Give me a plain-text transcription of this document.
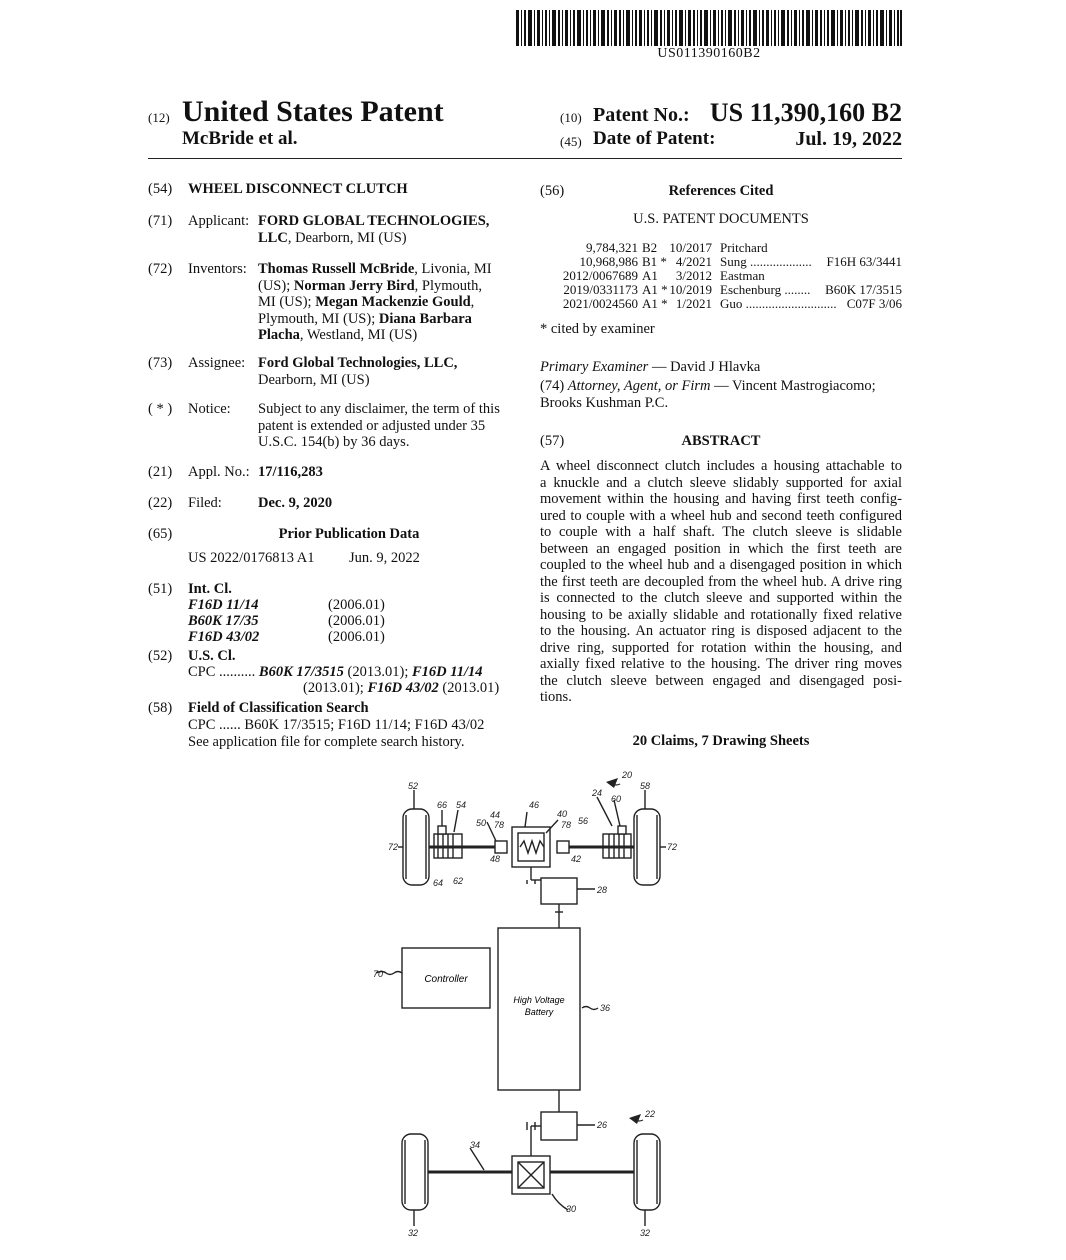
US011390160B2
(12) United States Patent
McBride et al.
(10) Patent No.: US 11,390,160 B2
(45) Date of Patent:	Jul. 19, 2022
(54) WHEEL DISCONNECT CLUTCH
(71) Applicant: FORD GLOBAL TECHNOLOGIES,
LLC, Dearborn, MI (US)
(72) Inventors: Thomas Russell McBride, Livonia, MI
(US); Norman Jerry Bird, Plymouth,
MI (US); Megan Mackenzie Gould,
Plymouth, MI (US); Diana Barbara
Placha, Westland, MI (US)
(73) Assignee: Ford Global Technologies, LLC,
Dearborn, MI (US)
( * ) Notice: Subject to any disclaimer, the term of this
patent is extended or adjusted under 35
U.S.C. 154(b) by 36 days.
(21) Appl. No.: 17/116,283
(22) Filed: Dec. 9, 2020
(65)	Prior Publication Data
US 2022/0176813 A1 Jun. 9, 2022
(51) Int. Cl.
F16D 11/14	(2006.01)
B60K 17/35	(2006.01)
F16D 43/02	(2006.01)
(52) U.S. Cl.
CPC .......... B60K 17/3515 (2013.01); F16D 11/14
(2013.01); F16D 43/02 (2013.01)
(58) Field of Classification Search
CPC ...... B60K 17/3515; F16D 11/14; F16D 43/02
See application file for complete search history.
(56)	References Cited
U.S. PATENT DOCUMENTS
9,784,321 B2 10/2017 Pritchard
10,968,986 B1 * 4/2021 Sung ................... F16H 63/3441
2012/0067689 A1 3/2012 Eastman
2019/0331173 A1 * 10/2019 Eschenburg ........ B60K 17/3515
2021/0024560 A1 * 1/2021 Guo ............................ C07F 3/06
* cited by examiner
Primary Examiner — David J Hlavka
(74) Attorney, Agent, or Firm — Vincent Mastrogiacomo;
Brooks Kushman P.C.
(57)	ABSTRACT
A wheel disconnect clutch includes a housing attachable to
a knuckle and a clutch sleeve slidably supported for axial
movement within the housing and having first teeth config-
ured to couple with a wheel hub and second teeth configured
to couple with a half shaft. The clutch sleeve is slidable
between an engaged position in which the first teeth are
coupled to the wheel hub and a disengaged position in which
the first teeth are decoupled from the wheel hub. A drive ring
is connected to the clutch sleeve and supported within the
housing to be axially slidable and rotationally fixed relative
to the housing. An actuator ring is disposed adjacent to the
drive ring, supported for rotation within the housing, and
axially fixed relative to the housing. The driver ring moves
the clutch sleeve between engaged and disengaged posi-
tions.
20 Claims, 7 Drawing Sheets
Controller
High Voltage
Battery
20
52	58
66 54
44
46
40
24
60
50 78	78 56
72	72
48	42
64 62
28
70
36
22
26
34
30
32	32
